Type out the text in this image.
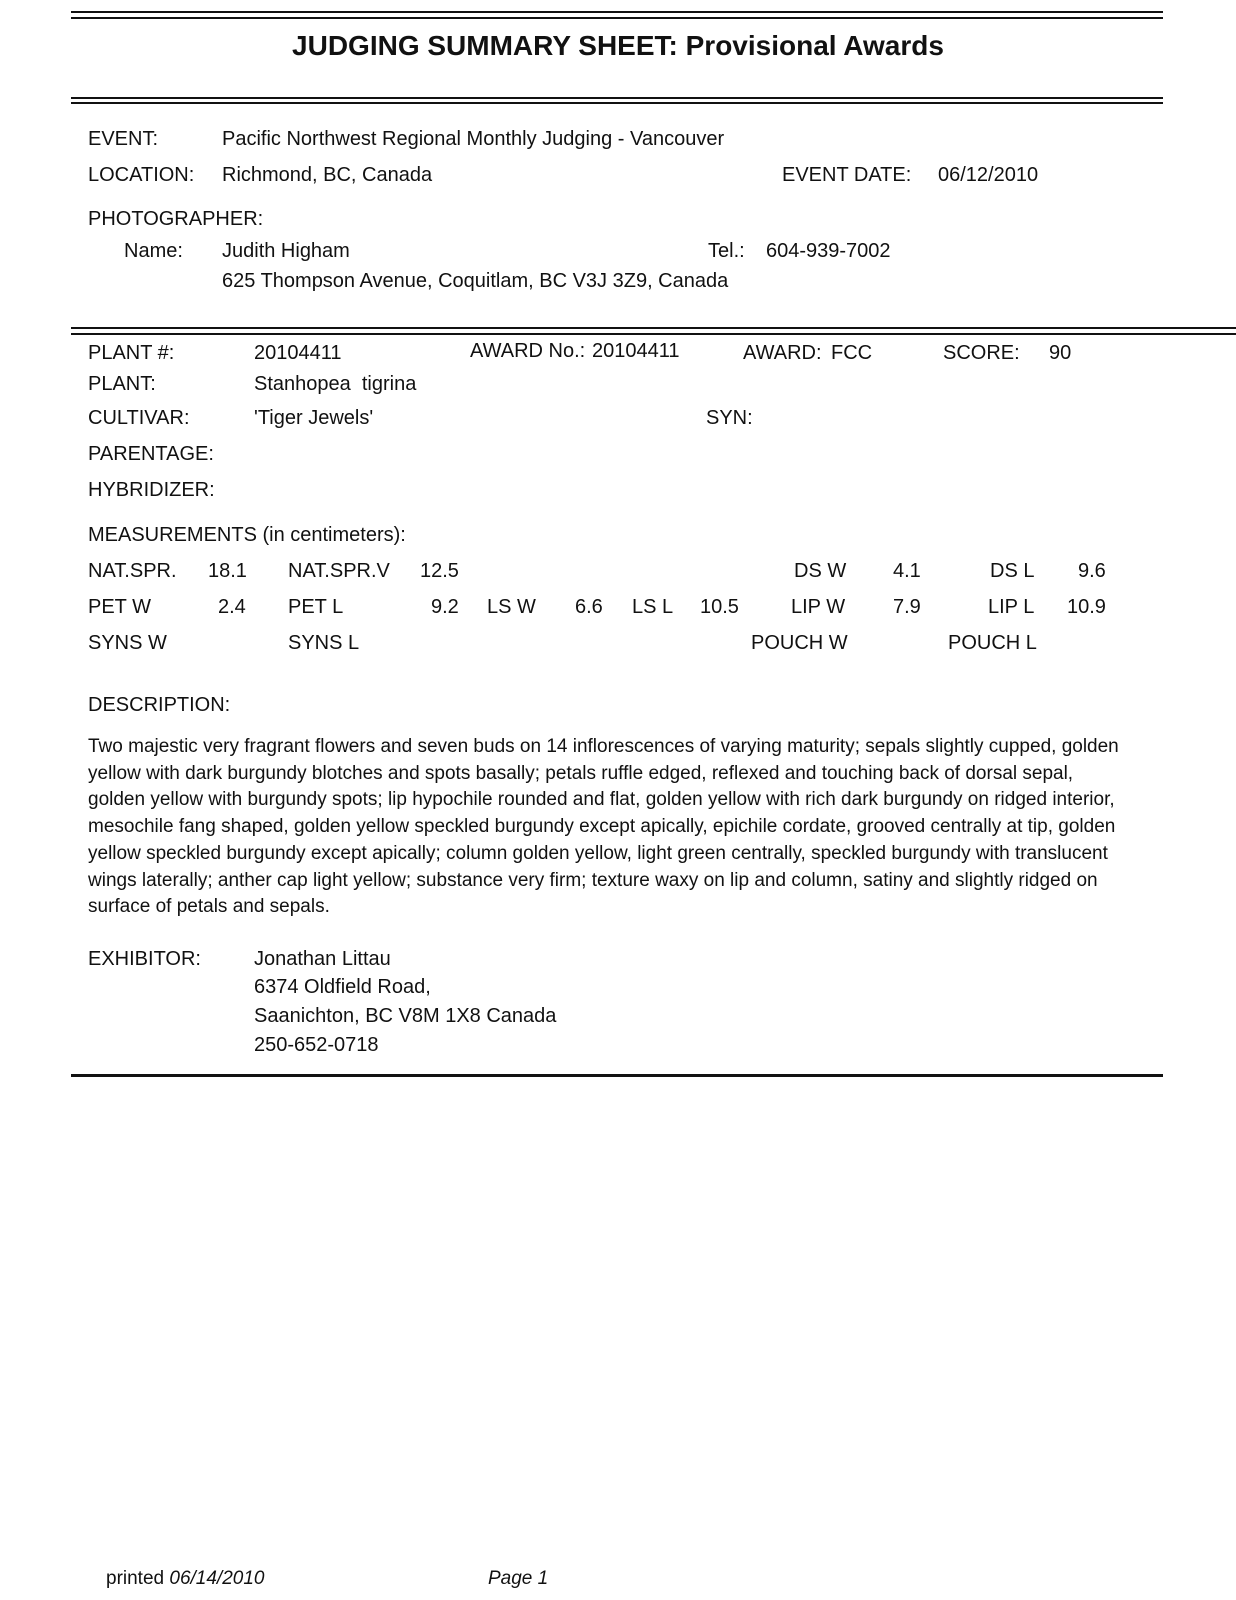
JUDGING SUMMARY SHEET: Provisional Awards
EVENT:	Pacific Northwest Regional Monthly Judging - Vancouver
LOCATION: Richmond, BC, Canada	EVENT DATE: 06/12/2010
PHOTOGRAPHER:
Name: Judith Higham	Tel.: 604-939-7002
625 Thompson Avenue, Coquitlam, BC V3J 3Z9, Canada
PLANT #:	20104411	AWARD No.: 20104411	AWARD: FCC	SCORE: 90
PLANT:	Stanhopea  tigrina
CULTIVAR:	'Tiger Jewels'	SYN:
PARENTAGE:
HYBRIDIZER:
MEASUREMENTS (in centimeters):
NAT.SPR. 18.1 NAT.SPR.V 12.5	DS W 4.1	DS L 9.6
PET W	2.4 PET L	9.2 LS W 6.6 LS L 10.5	LIP W 7.9	LIP L 10.9
SYNS W	SYNS L	POUCH W	POUCH L
DESCRIPTION:
Two majestic very fragrant flowers and seven buds on 14 inflorescences of varying maturity; sepals slightly cupped, golden yellow with dark burgundy blotches and spots basally; petals ruffle edged, reflexed and touching back of dorsal sepal, golden yellow with burgundy spots; lip hypochile rounded and flat, golden yellow with rich dark burgundy on ridged interior, mesochile fang shaped, golden yellow speckled burgundy except apically, epichile cordate, grooved centrally at tip, golden yellow speckled burgundy except apically; column golden yellow, light green centrally, speckled burgundy with translucent wings laterally; anther cap light yellow; substance very firm; texture waxy on lip and column, satiny and slightly ridged on surface of petals and sepals.
EXHIBITOR:	Jonathan Littau
6374 Oldfield Road,
Saanichton, BC V8M 1X8 Canada
250-652-0718
printed 06/14/2010	Page 1
